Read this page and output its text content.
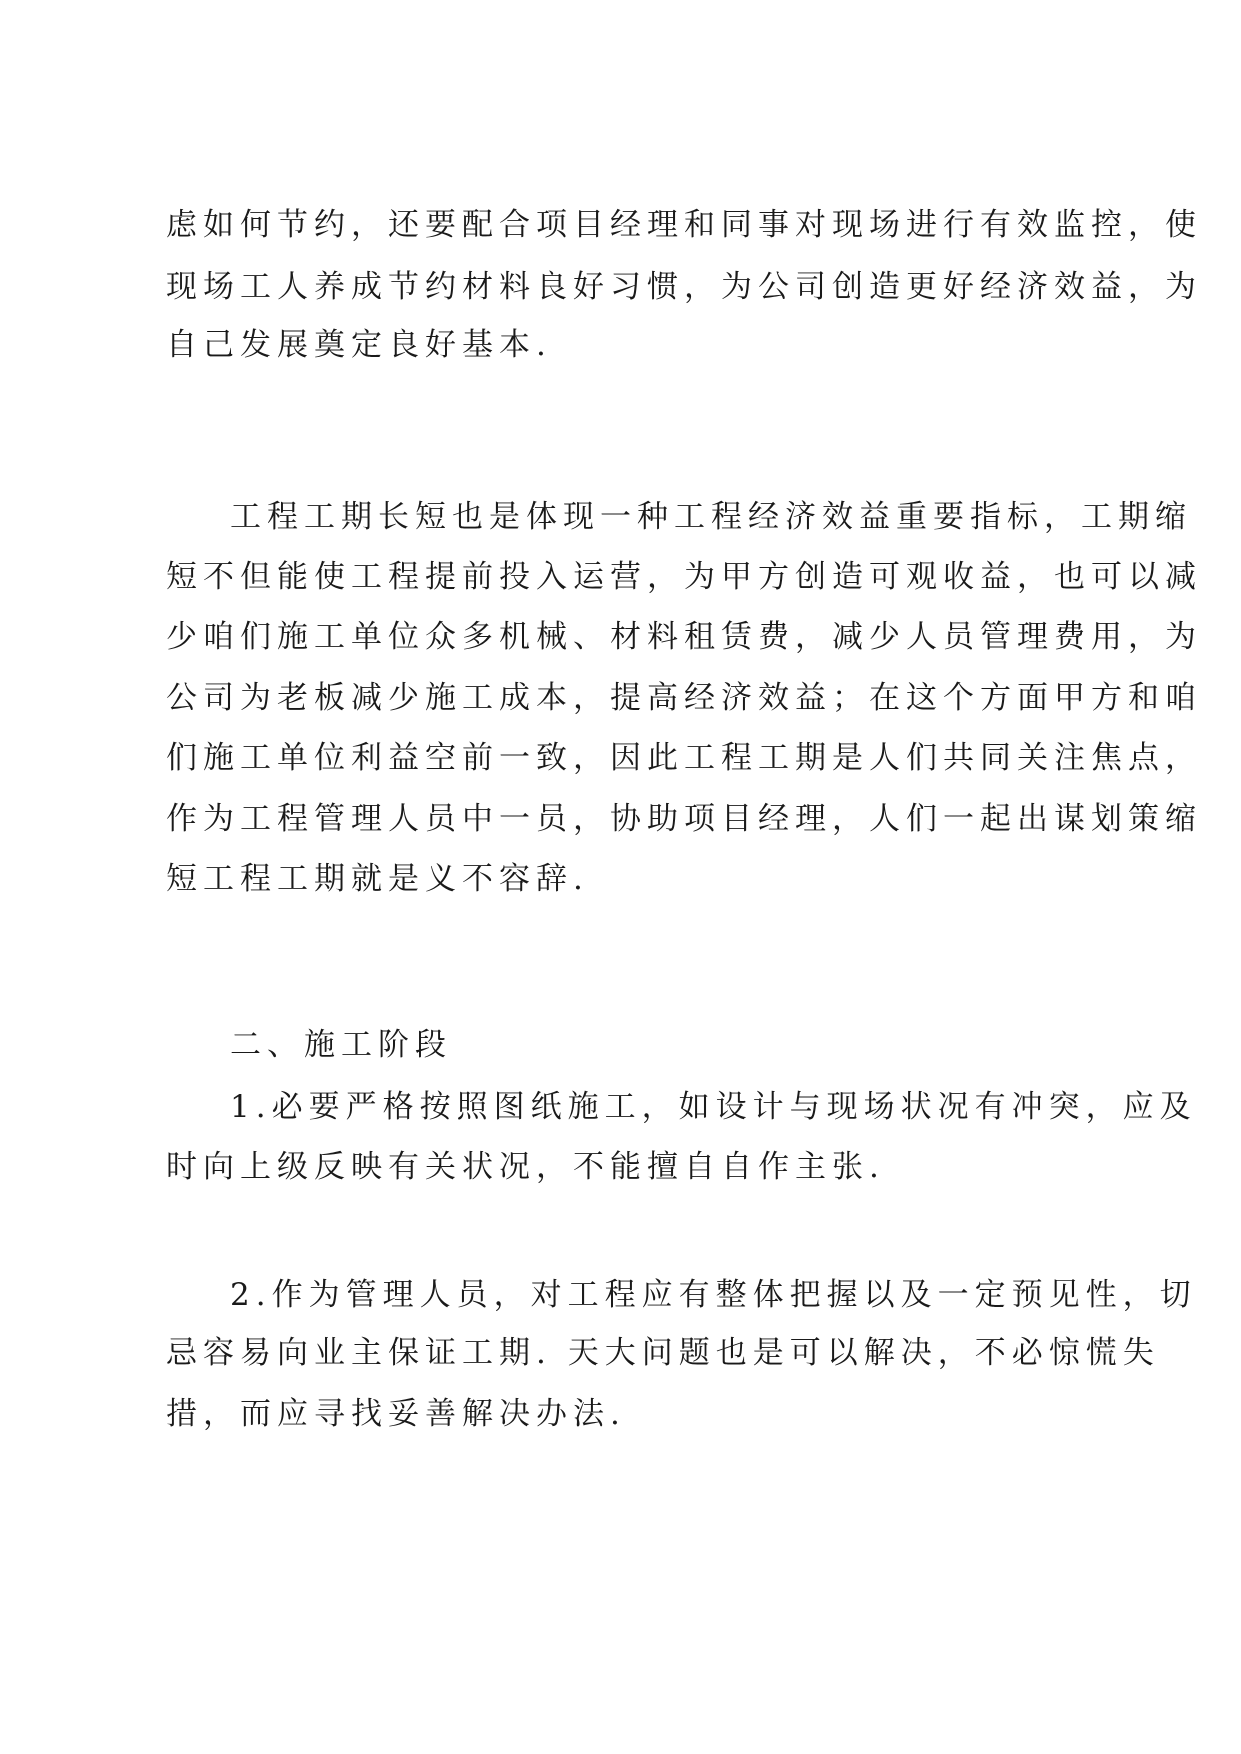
虑如何节约，还要配合项目经理和同事对现场进行有效监控，使

现场工人养成节约材料良好习惯，为公司创造更好经济效益，为

自己发展奠定良好基本.

工程工期长短也是体现一种工程经济效益重要指标，工期缩

短不但能使工程提前投入运营，为甲方创造可观收益，也可以减

少咱们施工单位众多机械、材料租赁费，减少人员管理费用，为

公司为老板减少施工成本，提高经济效益；在这个方面甲方和咱

们施工单位利益空前一致，因此工程工期是人们共同关注焦点，

作为工程管理人员中一员，协助项目经理，人们一起出谋划策缩

短工程工期就是义不容辞.

二、施工阶段

1.必要严格按照图纸施工，如设计与现场状况有冲突，应及

时向上级反映有关状况，不能擅自自作主张.

2.作为管理人员，对工程应有整体把握以及一定预见性，切

忌容易向业主保证工期. 天大问题也是可以解决，不必惊慌失

措，而应寻找妥善解决办法.
